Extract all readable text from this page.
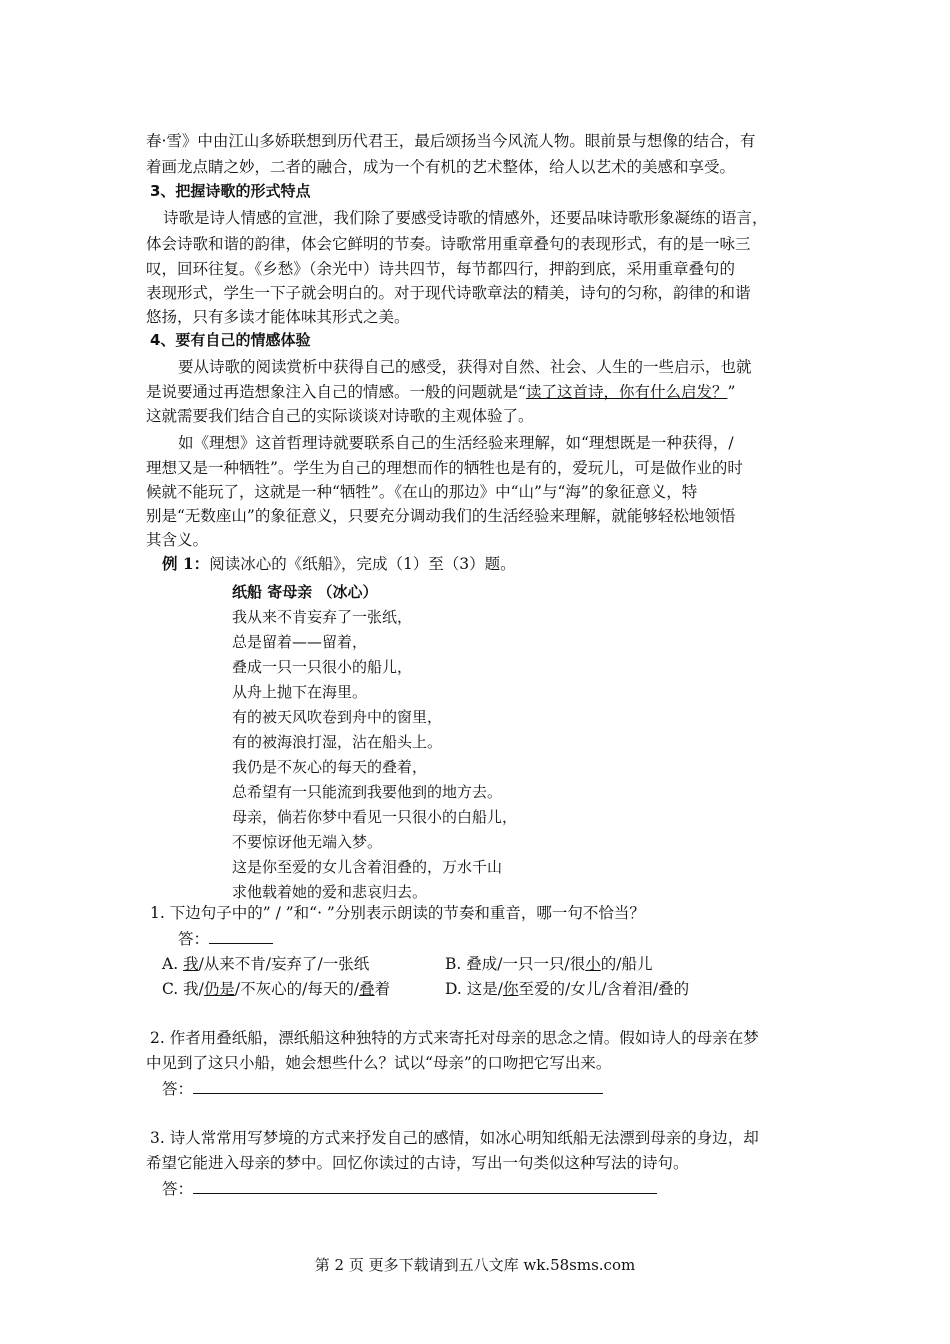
春·雪》中由江山多娇联想到历代君王，最后颂扬当今风流人物。眼前景与想像的结合，有
着画龙点睛之妙，二者的融合，成为一个有机的艺术整体，给人以艺术的美感和享受。
3、把握诗歌的形式特点
诗歌是诗人情感的宣泄，我们除了要感受诗歌的情感外，还要品味诗歌形象凝练的语言，
体会诗歌和谐的韵律，体会它鲜明的节奏。诗歌常用重章叠句的表现形式，有的是一咏三
叹，回环往复。《乡愁》（余光中）诗共四节，每节都四行，押韵到底，采用重章叠句的
表现形式，学生一下子就会明白的。对于现代诗歌章法的精美，诗句的匀称，韵律的和谐
悠扬，只有多读才能体味其形式之美。
4、要有自己的情感体验
要从诗歌的阅读赏析中获得自己的感受，获得对自然、社会、人生的一些启示，也就
是说要通过再造想象注入自己的情感。一般的问题就是“读了这首诗，你有什么启发？”
这就需要我们结合自己的实际谈谈对诗歌的主观体验了。
如《理想》这首哲理诗就要联系自己的生活经验来理解，如“理想既是一种获得，/
理想又是一种牺牲”。学生为自己的理想而作的牺牲也是有的，爱玩儿，可是做作业的时
候就不能玩了，这就是一种“牺牲”。《在山的那边》中“山”与“海”的象征意义，特
别是“无数座山”的象征意义，只要充分调动我们的生活经验来理解，就能够轻松地领悟
其含义。
例 1：阅读冰心的《纸船》，完成（1）至（3）题。
纸船 寄母亲 （冰心）
我从来不肯妄弃了一张纸，
总是留着——留着，
叠成一只一只很小的船儿，
从舟上抛下在海里。
有的被天风吹卷到舟中的窗里，
有的被海浪打湿，沾在船头上。
我仍是不灰心的每天的叠着，
总希望有一只能流到我要他到的地方去。
母亲，倘若你梦中看见一只很小的白船儿，
不要惊讶他无端入梦。
这是你至爱的女儿含着泪叠的，万水千山
求他载着她的爱和悲哀归去。
1. 下边句子中的” / ”和“· ”分别表示朗读的节奏和重音，哪一句不恰当？
答：
A. 我/从来不肯/妄弃了/一张纸	B. 叠成/一只一只/很小的/船儿
C. 我/仍是/不灰心的/每天的/叠着	D. 这是/你至爱的/女儿/含着泪/叠的
2. 作者用叠纸船，漂纸船这种独特的方式来寄托对母亲的思念之情。假如诗人的母亲在梦
中见到了这只小船，她会想些什么？试以“母亲”的口吻把它写出来。
答：
3. 诗人常常用写梦境的方式来抒发自己的感情，如冰心明知纸船无法漂到母亲的身边，却
希望它能进入母亲的梦中。回忆你读过的古诗，写出一句类似这种写法的诗句。
答：
第 2 页 更多下载请到五八文库 wk.58sms.com
